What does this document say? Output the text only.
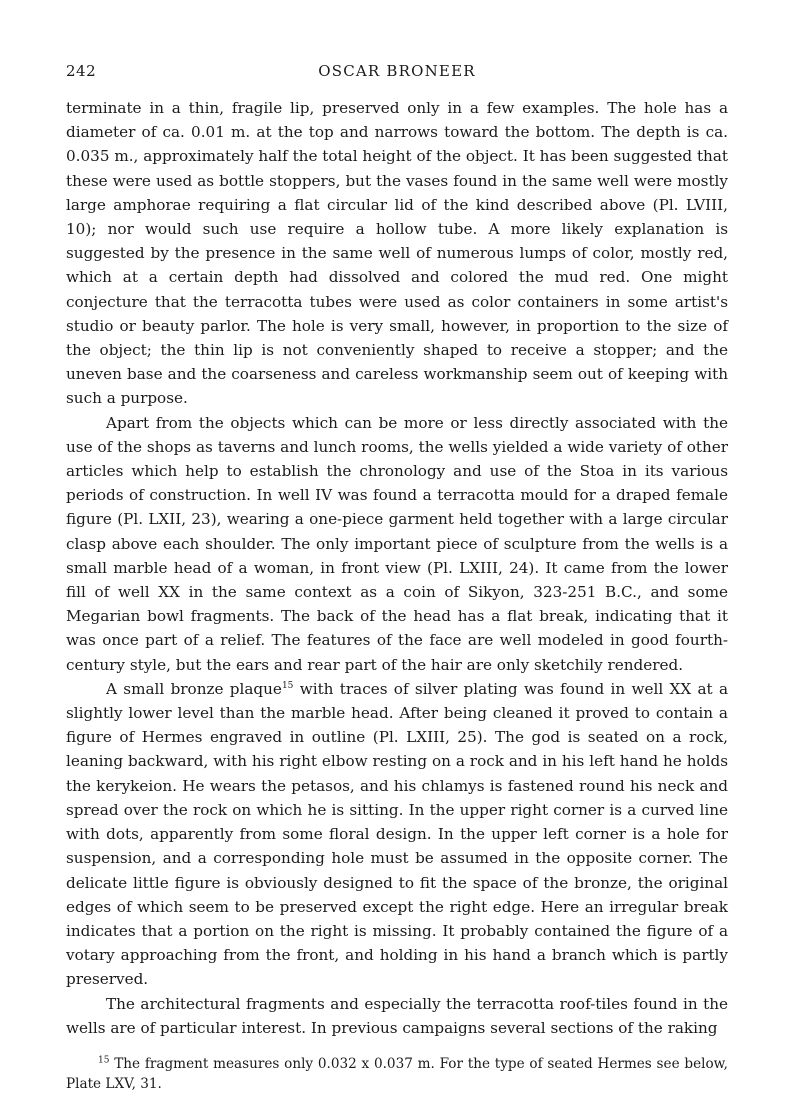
242	OSCAR BRONEER

terminate in a thin, fragile lip, preserved only in a few examples. The hole has a diameter of ca. 0.01 m. at the top and narrows toward the bottom. The depth is ca. 0.035 m., approximately half the total height of the object. It has been suggested that these were used as bottle stoppers, but the vases found in the same well were mostly large amphorae requiring a flat circular lid of the kind described above (Pl. LVIII, 10); nor would such use require a hollow tube. A more likely explanation is suggested by the presence in the same well of numerous lumps of color, mostly red, which at a certain depth had dissolved and colored the mud red. One might conjecture that the terracotta tubes were used as color containers in some artist's studio or beauty parlor. The hole is very small, however, in proportion to the size of the object; the thin lip is not conveniently shaped to receive a stopper; and the uneven base and the coarseness and careless workmanship seem out of keeping with such a purpose.

Apart from the objects which can be more or less directly associated with the use of the shops as taverns and lunch rooms, the wells yielded a wide variety of other articles which help to establish the chronology and use of the Stoa in its various periods of construction. In well IV was found a terracotta mould for a draped female figure (Pl. LXII, 23), wearing a one-piece garment held together with a large circular clasp above each shoulder. The only important piece of sculpture from the wells is a small marble head of a woman, in front view (Pl. LXIII, 24). It came from the lower fill of well XX in the same context as a coin of Sikyon, 323-251 B.C., and some Megarian bowl fragments. The back of the head has a flat break, indicating that it was once part of a relief. The features of the face are well modeled in good fourth-century style, but the ears and rear part of the hair are only sketchily rendered.

A small bronze plaque$^{15}$ with traces of silver plating was found in well XX at a slightly lower level than the marble head. After being cleaned it proved to contain a figure of Hermes engraved in outline (Pl. LXIII, 25). The god is seated on a rock, leaning backward, with his right elbow resting on a rock and in his left hand he holds the kerykeion. He wears the petasos, and his chlamys is fastened round his neck and spread over the rock on which he is sitting. In the upper right corner is a curved line with dots, apparently from some floral design. In the upper left corner is a hole for suspension, and a corresponding hole must be assumed in the opposite corner. The delicate little figure is obviously designed to fit the space of the bronze, the original edges of which seem to be preserved except the right edge. Here an irregular break indicates that a portion on the right is missing. It probably contained the figure of a votary approaching from the front, and holding in his hand a branch which is partly preserved.

The architectural fragments and especially the terracotta roof-tiles found in the wells are of particular interest. In previous campaigns several sections of the raking

$^{15}$ The fragment measures only 0.032 x 0.037 m. For the type of seated Hermes see below, Plate LXV, 31.
